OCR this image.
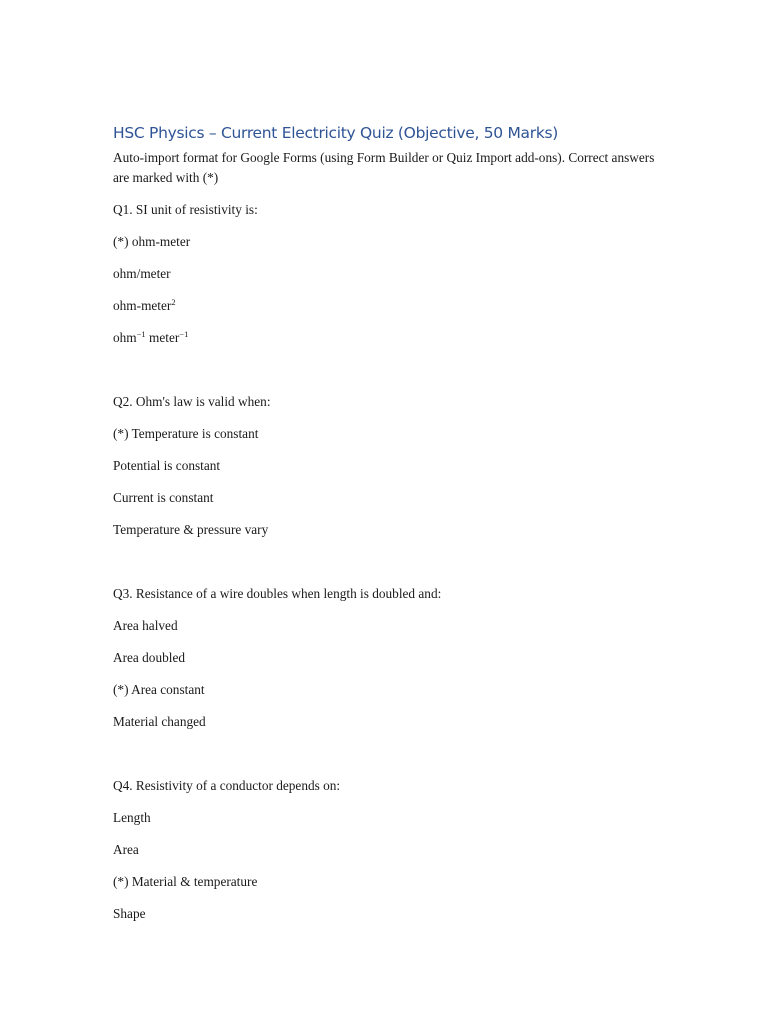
HSC Physics – Current Electricity Quiz (Objective, 50 Marks)
Auto-import format for Google Forms (using Form Builder or Quiz Import add-ons). Correct answers are marked with (*)
Q1. SI unit of resistivity is:
(*) ohm-meter
ohm/meter
ohm-meter$^2$
ohm$^{-1}$ meter$^{-1}$
Q2. Ohm's law is valid when:
(*) Temperature is constant
Potential is constant
Current is constant
Temperature & pressure vary
Q3. Resistance of a wire doubles when length is doubled and:
Area halved
Area doubled
(*) Area constant
Material changed
Q4. Resistivity of a conductor depends on:
Length
Area
(*) Material & temperature
Shape
